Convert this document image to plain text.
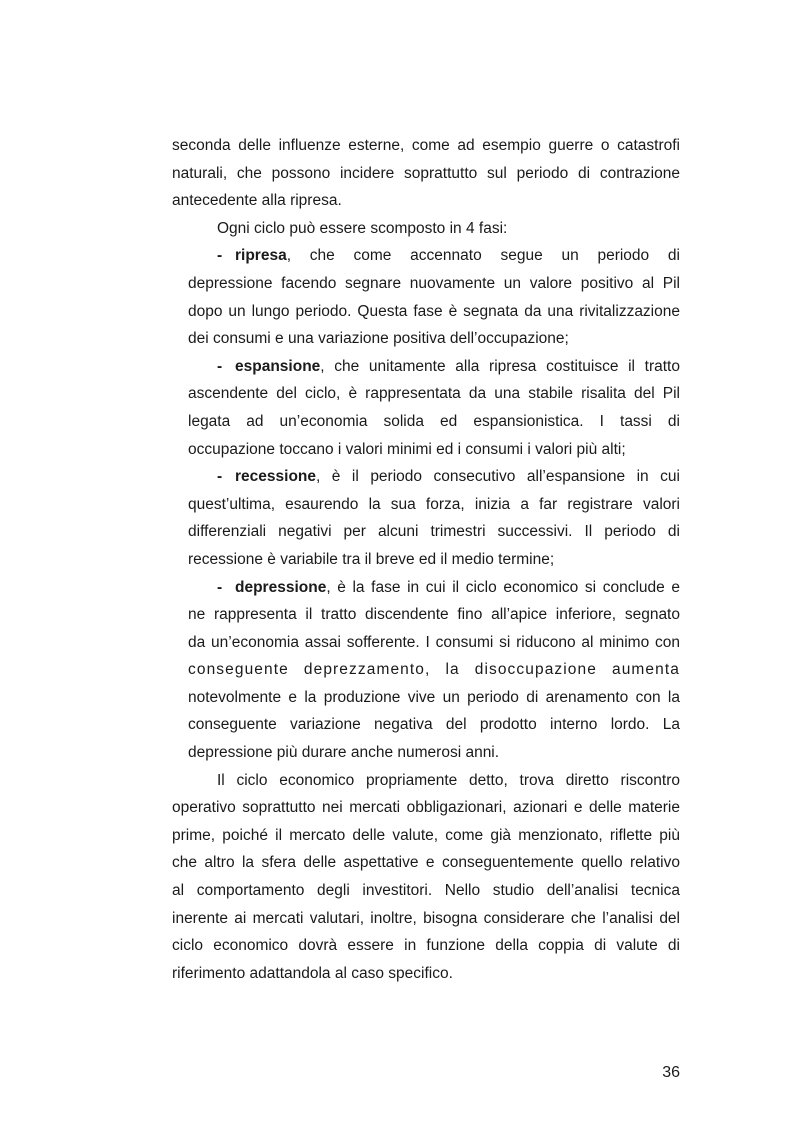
seconda delle influenze esterne, come ad esempio guerre o catastrofi
naturali, che possono incidere soprattutto sul periodo di contrazione
antecedente alla ripresa.
Ogni ciclo può essere scomposto in 4 fasi:
- ripresa, che come accennato segue un periodo di
depressione facendo segnare nuovamente un valore positivo al Pil
dopo un lungo periodo. Questa fase è segnata da una rivitalizzazione
dei consumi e una variazione positiva dell’occupazione;
- espansione, che unitamente alla ripresa costituisce il tratto
ascendente del ciclo, è rappresentata da una stabile risalita del Pil
legata ad un’economia solida ed espansionistica. I tassi di
occupazione toccano i valori minimi ed i consumi i valori più alti;
- recessione, è il periodo consecutivo all’espansione in cui
quest’ultima, esaurendo la sua forza, inizia a far registrare valori
differenziali negativi per alcuni trimestri successivi. Il periodo di
recessione è variabile tra il breve ed il medio termine;
- depressione, è la fase in cui il ciclo economico si conclude e
ne rappresenta il tratto discendente fino all’apice inferiore, segnato
da un’economia assai sofferente. I consumi si riducono al minimo con
conseguente deprezzamento, la disoccupazione aumenta
notevolmente e la produzione vive un periodo di arenamento con la
conseguente variazione negativa del prodotto interno lordo. La
depressione più durare anche numerosi anni.
Il ciclo economico propriamente detto, trova diretto riscontro
operativo soprattutto nei mercati obbligazionari, azionari e delle materie
prime, poiché il mercato delle valute, come già menzionato, riflette più
che altro la sfera delle aspettative e conseguentemente quello relativo
al comportamento degli investitori. Nello studio dell’analisi tecnica
inerente ai mercati valutari, inoltre, bisogna considerare che l’analisi del
ciclo economico dovrà essere in funzione della coppia di valute di
riferimento adattandola al caso specifico.
36
